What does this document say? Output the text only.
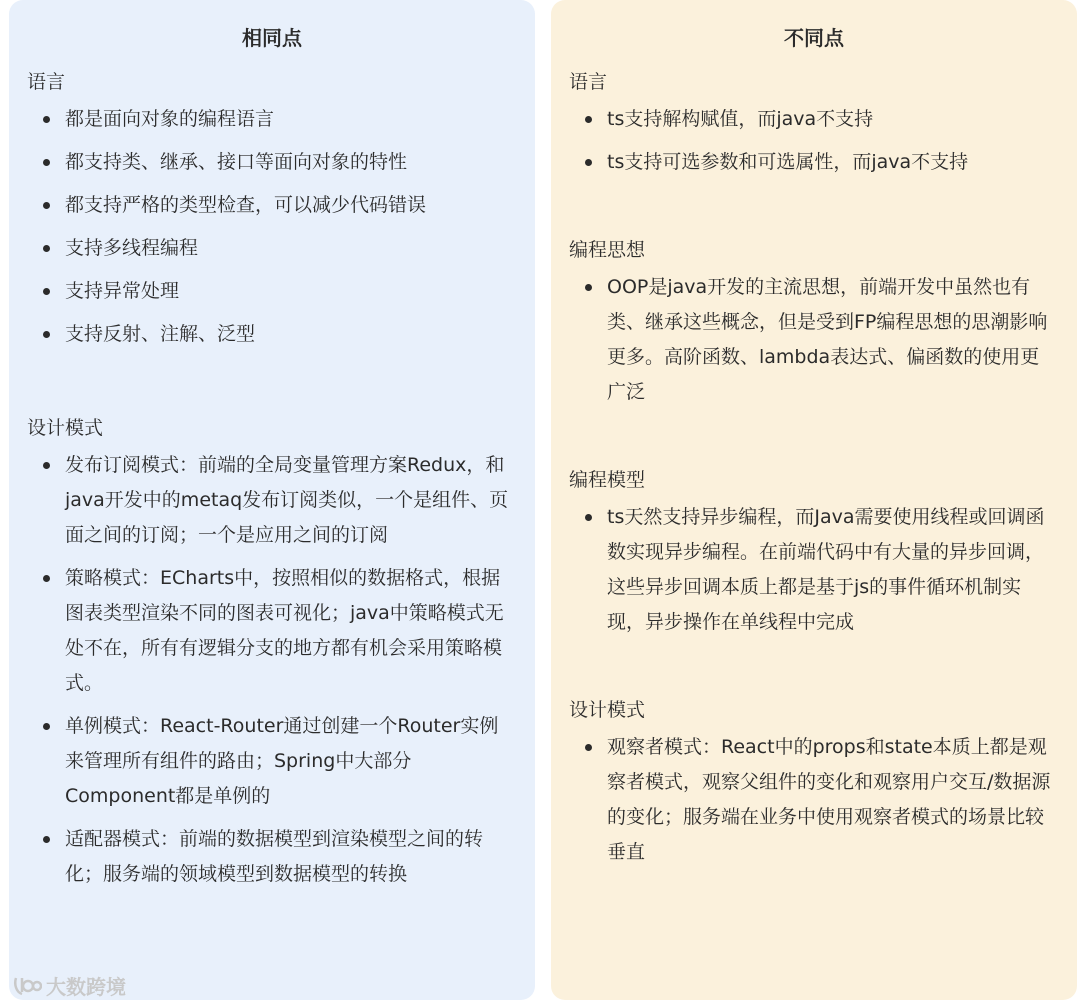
相同点
语言
都是面向对象的编程语言
都支持类、继承、接口等面向对象的特性
都支持严格的类型检查，可以减少代码错误
支持多线程编程
支持异常处理
支持反射、注解、泛型
设计模式
发布订阅模式：前端的全局变量管理方案Redux，和java开发中的metaq发布订阅类似，一个是组件、页面之间的订阅；一个是应用之间的订阅
策略模式：ECharts中，按照相似的数据格式，根据图表类型渲染不同的图表可视化；java中策略模式无处不在，所有有逻辑分支的地方都有机会采用策略模式。
单例模式：React-Router通过创建一个Router实例来管理所有组件的路由；Spring中大部分Component都是单例的
适配器模式：前端的数据模型到渲染模型之间的转化；服务端的领域模型到数据模型的转换
不同点
语言
ts支持解构赋值，而java不支持
ts支持可选参数和可选属性，而java不支持
编程思想
OOP是java开发的主流思想，前端开发中虽然也有类、继承这些概念，但是受到FP编程思想的思潮影响更多。高阶函数、lambda表达式、偏函数的使用更广泛
编程模型
ts天然支持异步编程，而Java需要使用线程或回调函数实现异步编程。在前端代码中有大量的异步回调，这些异步回调本质上都是基于js的事件循环机制实现，异步操作在单线程中完成
设计模式
观察者模式：React中的props和state本质上都是观察者模式，观察父组件的变化和观察用户交互/数据源的变化；服务端在业务中使用观察者模式的场景比较垂直
大数跨境
